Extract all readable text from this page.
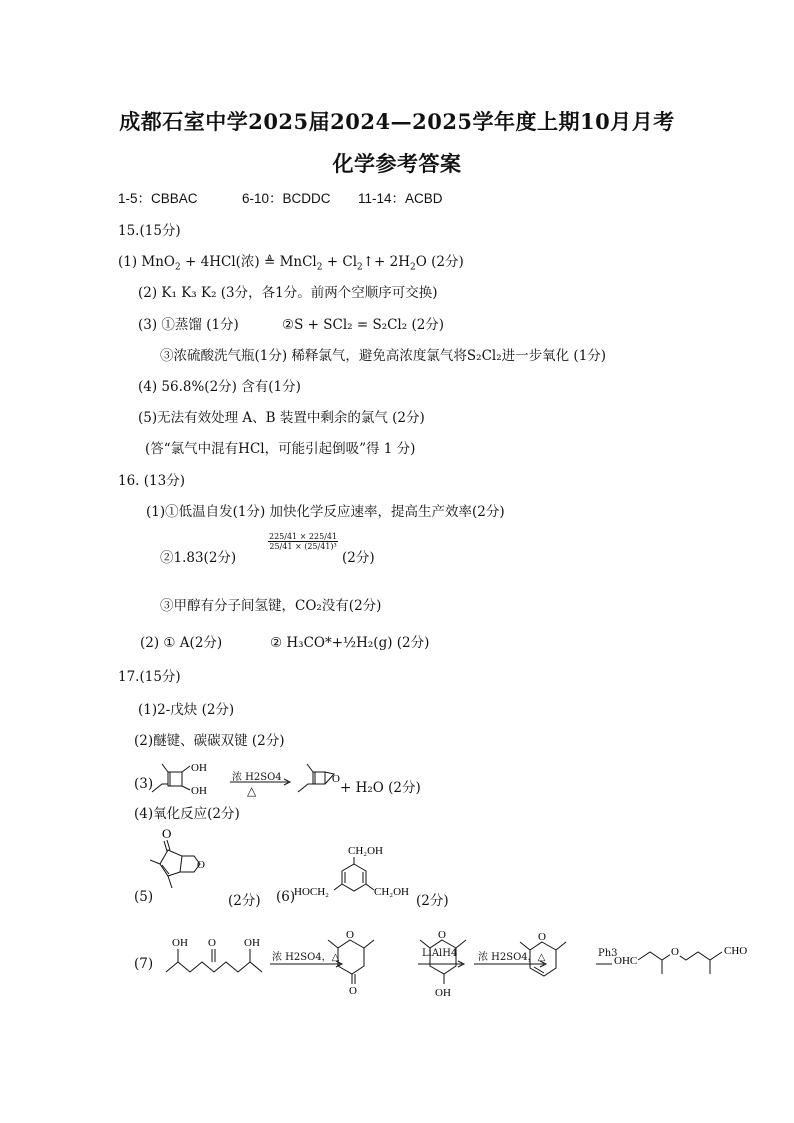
成都石室中学2025届2024—2025学年度上期10月月考
化学参考答案
1-5：CBBAC	6-10：BCDDC 11-14：ACBD
15.(15分)
(1) MnO$_2$ + 4HCl(浓) ≜ MnCl$_2$ + $Cl_2↑+ 2H_2O$ (2分)
(2) K₁ K₃ K₂ (3分，各1分。前两个空顺序可交换)
(3) ①蒸馏 (1分)	②S + SCl₂ = S₂Cl₂ (2分)
③浓硫酸洗气瓶(1分) 稀释氯气，避免高浓度氯气将S₂Cl₂进一步氧化 (1分)
(4) 56.8%(2分) 含有(1分)
(5)无法有效处理 A、B 装置中剩余的氯气 (2分)
(答“氯气中混有HCl，可能引起倒吸”得 1 分)
16. (13分)
(1)①低温自发(1分) 加快化学反应速率，提高生产效率(2分)
②1.83(2分)
$\frac{225/41 \times 225/41}{\text{25/41 × (25/41)³}}$
(2分)
③甲醇有分子间氢键，CO₂没有(2分)
(2) ① A(2分)	② H₃CO*+½H₂(g) (2分)
17.(15分)
(1)2-戊炔 (2分)
(2)醚键、碳碳双键 (2分)
(3)
OH
OH
浓 H2SO4
△
O
+ H₂O (2分)
(4)氧化反应(2分)
(5)
O
O
(2分) (6)
CH₂OH
HOCH₂	CH₂OH
(2分)
(7)
OH O	OH
浓 H2SO4，△
O
O
LiAlH4
O
OH
浓 H2SO4，△
O
Ph3
OHC
O	CHO
